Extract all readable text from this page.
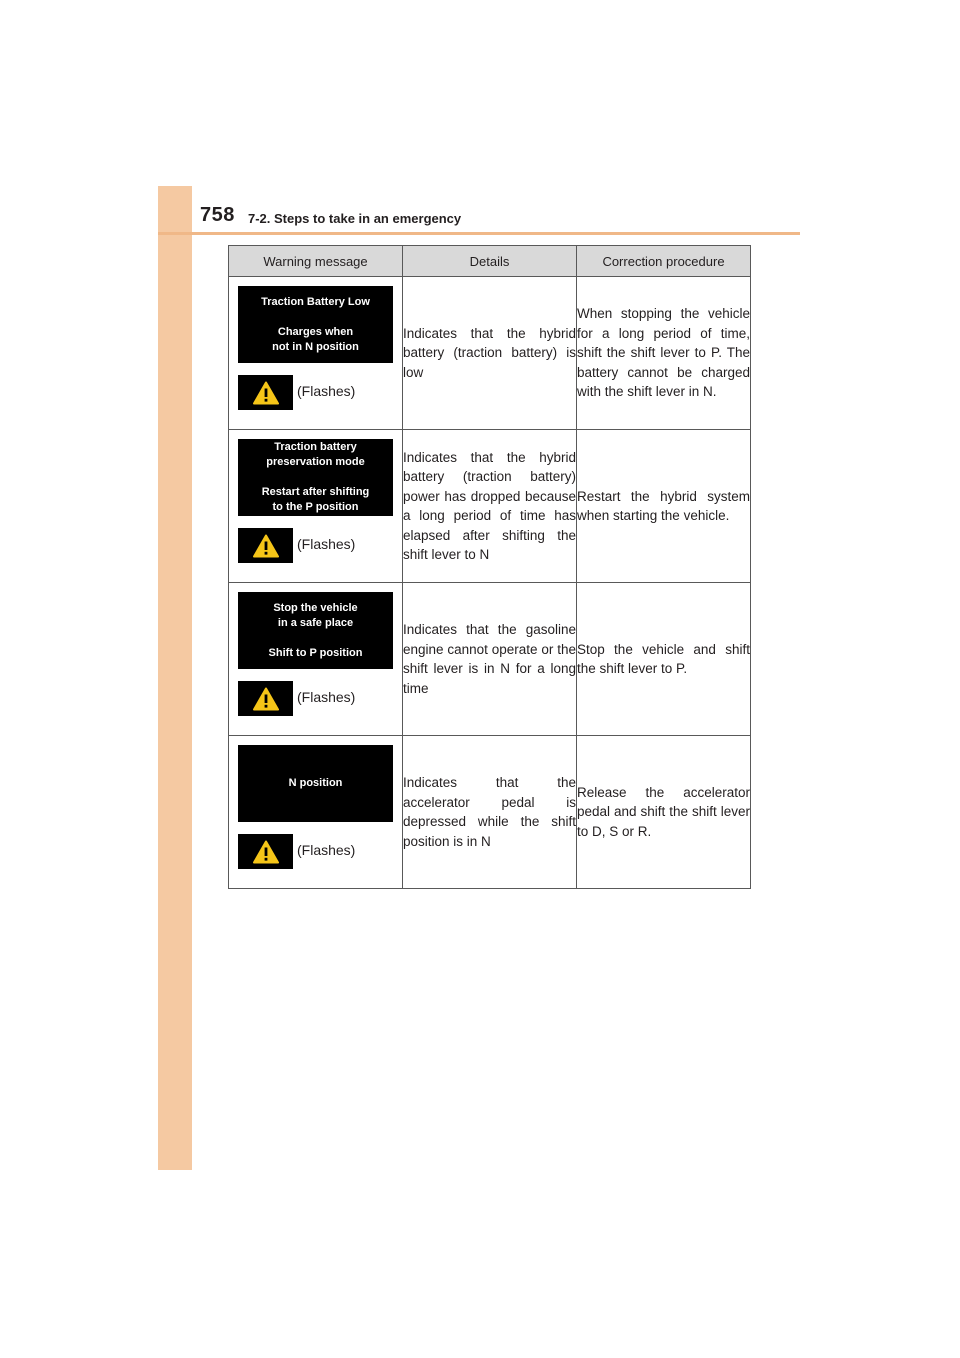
758 7-2. Steps to take in an emergency
Warning message	Details	Correction procedure

Traction Battery Low

Charges when
not in N position
(Flashes)	Indicates that the hybrid battery (traction battery) is low	When stopping the vehicle for a long period of time, shift the shift lever to P. The battery cannot be charged with the shift lever in N.

Traction battery
preservation mode

Restart after shifting
to the P position
(Flashes)	Indicates that the hybrid battery (traction battery) power has dropped because a long period of time has elapsed after shifting the shift lever to N	Restart the hybrid system when starting the vehicle.

Stop the vehicle
in a safe place

Shift to P position
(Flashes)	Indicates that the gasoline engine cannot operate or the shift lever is in N for a long time	Stop the vehicle and shift the shift lever to P.

N position
(Flashes)	Indicates that the accelerator pedal is depressed while the shift position is in N	Release the accelerator pedal and shift the shift lever to D, S or R.
